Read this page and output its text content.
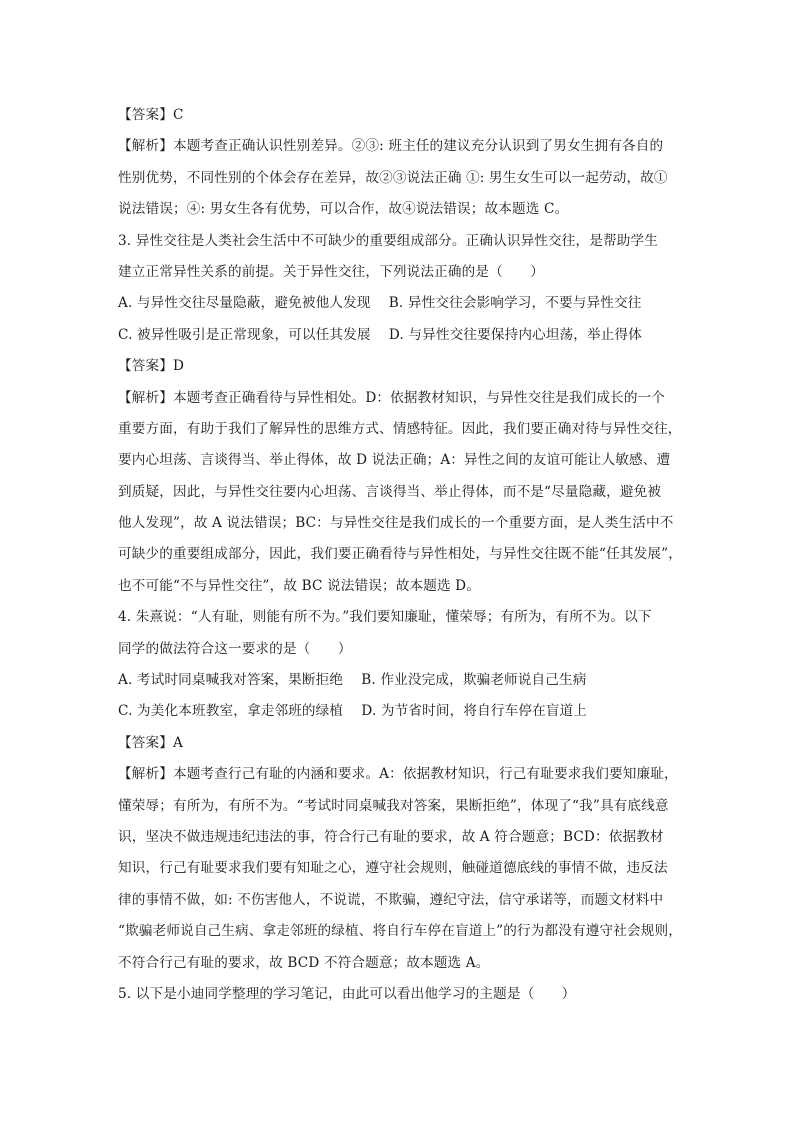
【答案】C
【解析】本题考查正确认识性别差异。②③: 班主任的建议充分认识到了男女生拥有各自的
性别优势，不同性别的个体会存在差异，故②③说法正确 ①: 男生女生可以一起劳动，故①
说法错误；④: 男女生各有优势，可以合作，故④说法错误；故本题选 C。
3. 异性交往是人类社会生活中不可缺少的重要组成部分。正确认识异性交往，是帮助学生
建立正常异性关系的前提。关于异性交往，下列说法正确的是（　　）
A. 与异性交往尽量隐蔽，避免被他人发现　 B. 异性交往会影响学习，不要与异性交往
C. 被异性吸引是正常现象，可以任其发展　 D. 与异性交往要保持内心坦荡，举止得体
【答案】D
【解析】本题考查正确看待与异性相处。D：依据教材知识，与异性交往是我们成长的一个
重要方面，有助于我们了解异性的思维方式、情感特征。因此，我们要正确对待与异性交往，
要内心坦荡、言谈得当、举止得体，故 D 说法正确；A：异性之间的友谊可能让人敏感、遭
到质疑，因此，与异性交往要内心坦荡、言谈得当、举止得体，而不是“尽量隐藏，避免被
他人发现”，故 A 说法错误；BC：与异性交往是我们成长的一个重要方面，是人类生活中不
可缺少的重要组成部分，因此，我们要正确看待与异性相处，与异性交往既不能“任其发展”，
也不可能“不与异性交往”，故 BC 说法错误；故本题选 D。
4. 朱熹说：“人有耻，则能有所不为。”我们要知廉耻，懂荣辱；有所为，有所不为。以下
同学的做法符合这一要求的是（　　）
A. 考试时同桌喊我对答案，果断拒绝　 B. 作业没完成，欺骗老师说自己生病
C. 为美化本班教室，拿走邻班的绿植　 D. 为节省时间，将自行车停在盲道上
【答案】A
【解析】本题考查行己有耻的内涵和要求。A：依据教材知识，行己有耻要求我们要知廉耻，
懂荣辱；有所为，有所不为。“考试时同桌喊我对答案，果断拒绝”，体现了“我”具有底线意
识，坚决不做违规违纪违法的事，符合行己有耻的要求，故 A 符合题意；BCD：依据教材
知识，行己有耻要求我们要有知耻之心，遵守社会规则，触碰道德底线的事情不做，违反法
律的事情不做，如: 不伤害他人，不说谎，不欺骗，遵纪守法，信守承诺等，而题文材料中
“欺骗老师说自己生病、拿走邻班的绿植、将自行车停在盲道上”的行为都没有遵守社会规则，
不符合行己有耻的要求，故 BCD 不符合题意；故本题选 A。
5. 以下是小迪同学整理的学习笔记，由此可以看出他学习的主题是（　　）
